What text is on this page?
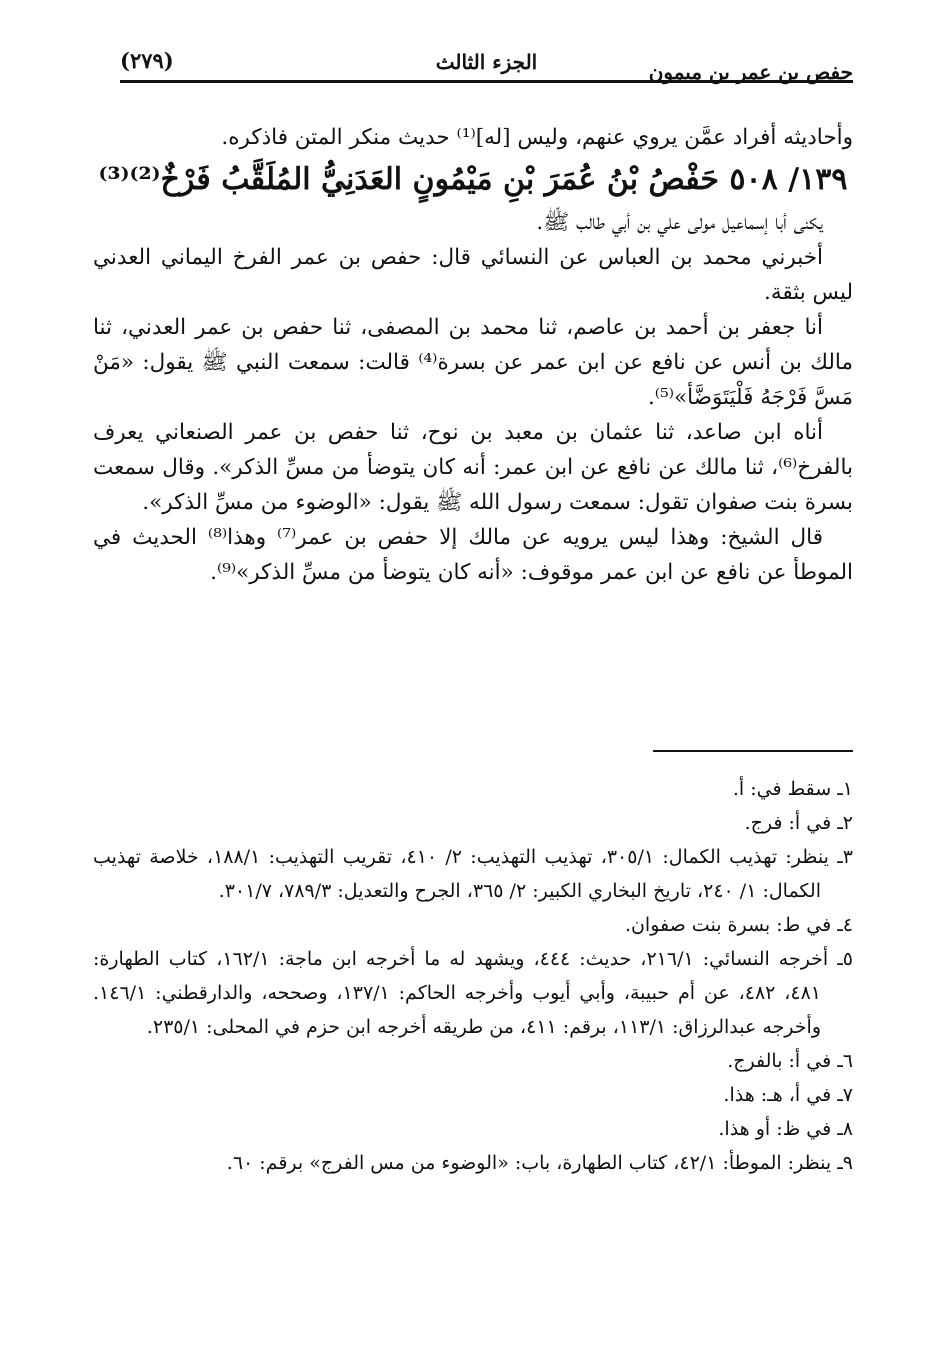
حفص بن عمر بن ميمون
الجزء الثالث
(٢٧٩)

وأحاديثه أفراد عمَّن يروي عنهم، وليس [له]⁽¹⁾ حديث منكر المتن فاذكره.

١٣٩/ ٥٠٨ حَفْصُ بْنُ عُمَرَ بْنِ مَيْمُونٍ العَدَنِيُّ المُلَقَّبُ فَرْخٌ⁽²⁾⁽³⁾

يكنى أبا إسماعيل مولى علي بن أبي طالب ﷺ.

أخبرني محمد بن العباس عن النسائي قال: حفص بن عمر الفرخ اليماني العدني ليس بثقة.

أنا جعفر بن أحمد بن عاصم، ثنا محمد بن المصفى، ثنا حفص بن عمر العدني، ثنا مالك بن أنس عن نافع عن ابن عمر عن بسرة⁽⁴⁾ قالت: سمعت النبي ﷺ يقول: «مَنْ مَسَّ فَرْجَهُ فَلْيَتَوَضَّأ»⁽⁵⁾.

أناه ابن صاعد، ثنا عثمان بن معبد بن نوح، ثنا حفص بن عمر الصنعاني يعرف بالفرخ⁽⁶⁾، ثنا مالك عن نافع عن ابن عمر: أنه كان يتوضأ من مسِّ الذكر». وقال سمعت بسرة بنت صفوان تقول: سمعت رسول الله ﷺ يقول: «الوضوء من مسِّ الذكر».

قال الشيخ: وهذا ليس يرويه عن مالك إلا حفص بن عمر⁽⁷⁾ وهذا⁽⁸⁾ الحديث في الموطأ عن نافع عن ابن عمر موقوف: «أنه كان يتوضأ من مسِّ الذكر»⁽⁹⁾.

١ـ سقط في: أ.

٢ـ في أ: فرج.

٣ـ ينظر: تهذيب الكمال: ٣٠٥/١، تهذيب التهذيب: ٢/ ٤١٠، تقريب التهذيب: ١٨٨/١، خلاصة تهذيب الكمال: ١/ ٢٤٠، تاريخ البخاري الكبير: ٢/ ٣٦٥، الجرح والتعديل: ٧٨٩/٣، ٣٠١/٧.

٤ـ في ط: بسرة بنت صفوان.

٥ـ أخرجه النسائي: ٢١٦/١، حديث: ٤٤٤، ويشهد له ما أخرجه ابن ماجة: ١٦٢/١، كتاب الطهارة: ٤٨١، ٤٨٢، عن أم حبيبة، وأبي أيوب وأخرجه الحاكم: ١٣٧/١، وصححه، والدارقطني: ١٤٦/١. وأخرجه عبدالرزاق: ١١٣/١، برقم: ٤١١، من طريقه أخرجه ابن حزم في المحلى: ٢٣٥/١.

٦ـ في أ: بالفرج.

٧ـ في أ، هـ: هذا.

٨ـ في ظ: أو هذا.

٩ـ ينظر: الموطأ: ٤٢/١، كتاب الطهارة، باب: «الوضوء من مس الفرج» برقم: ٦٠.
